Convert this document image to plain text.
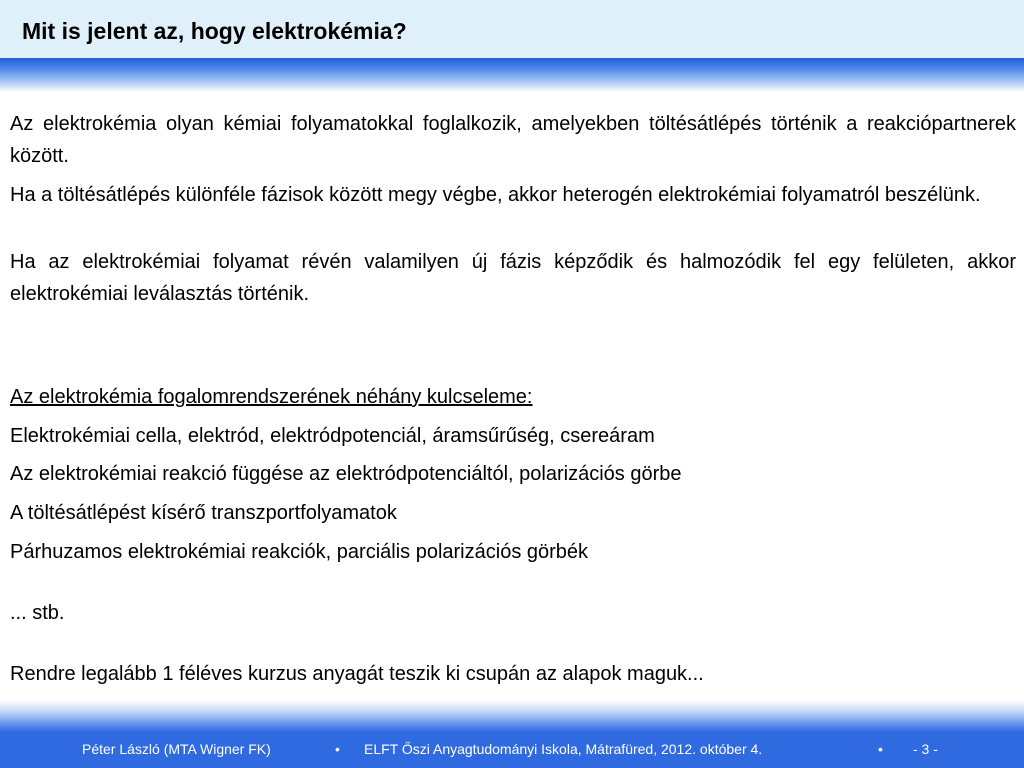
Mit is jelent az, hogy elektrokémia?

Az elektrokémia olyan kémiai folyamatokkal foglalkozik, amelyekben töltésátlépés történik a reakciópartnerek között.

Ha a töltésátlépés különféle fázisok között megy végbe, akkor heterogén elektrokémiai folyamatról beszélünk.

Ha az elektrokémiai folyamat révén valamilyen új fázis képződik és halmozódik fel egy felületen, akkor elektrokémiai leválasztás történik.

Az elektrokémia fogalomrendszerének néhány kulcseleme:
Elektrokémiai cella, elektród, elektródpotenciál, áramsűrűség, csereáram
Az elektrokémiai reakció függése az elektródpotenciáltól, polarizációs görbe
A töltésátlépést kísérő transzportfolyamatok
Párhuzamos elektrokémiai reakciók, parciális polarizációs görbék
... stb.
Rendre legalább 1 féléves kurzus anyagát teszik ki csupán az alapok maguk...
Péter László (MTA Wigner FK)	• ELFT Őszi Anyagtudományi Iskola, Mátrafüred, 2012. október 4.	• - 3 -
